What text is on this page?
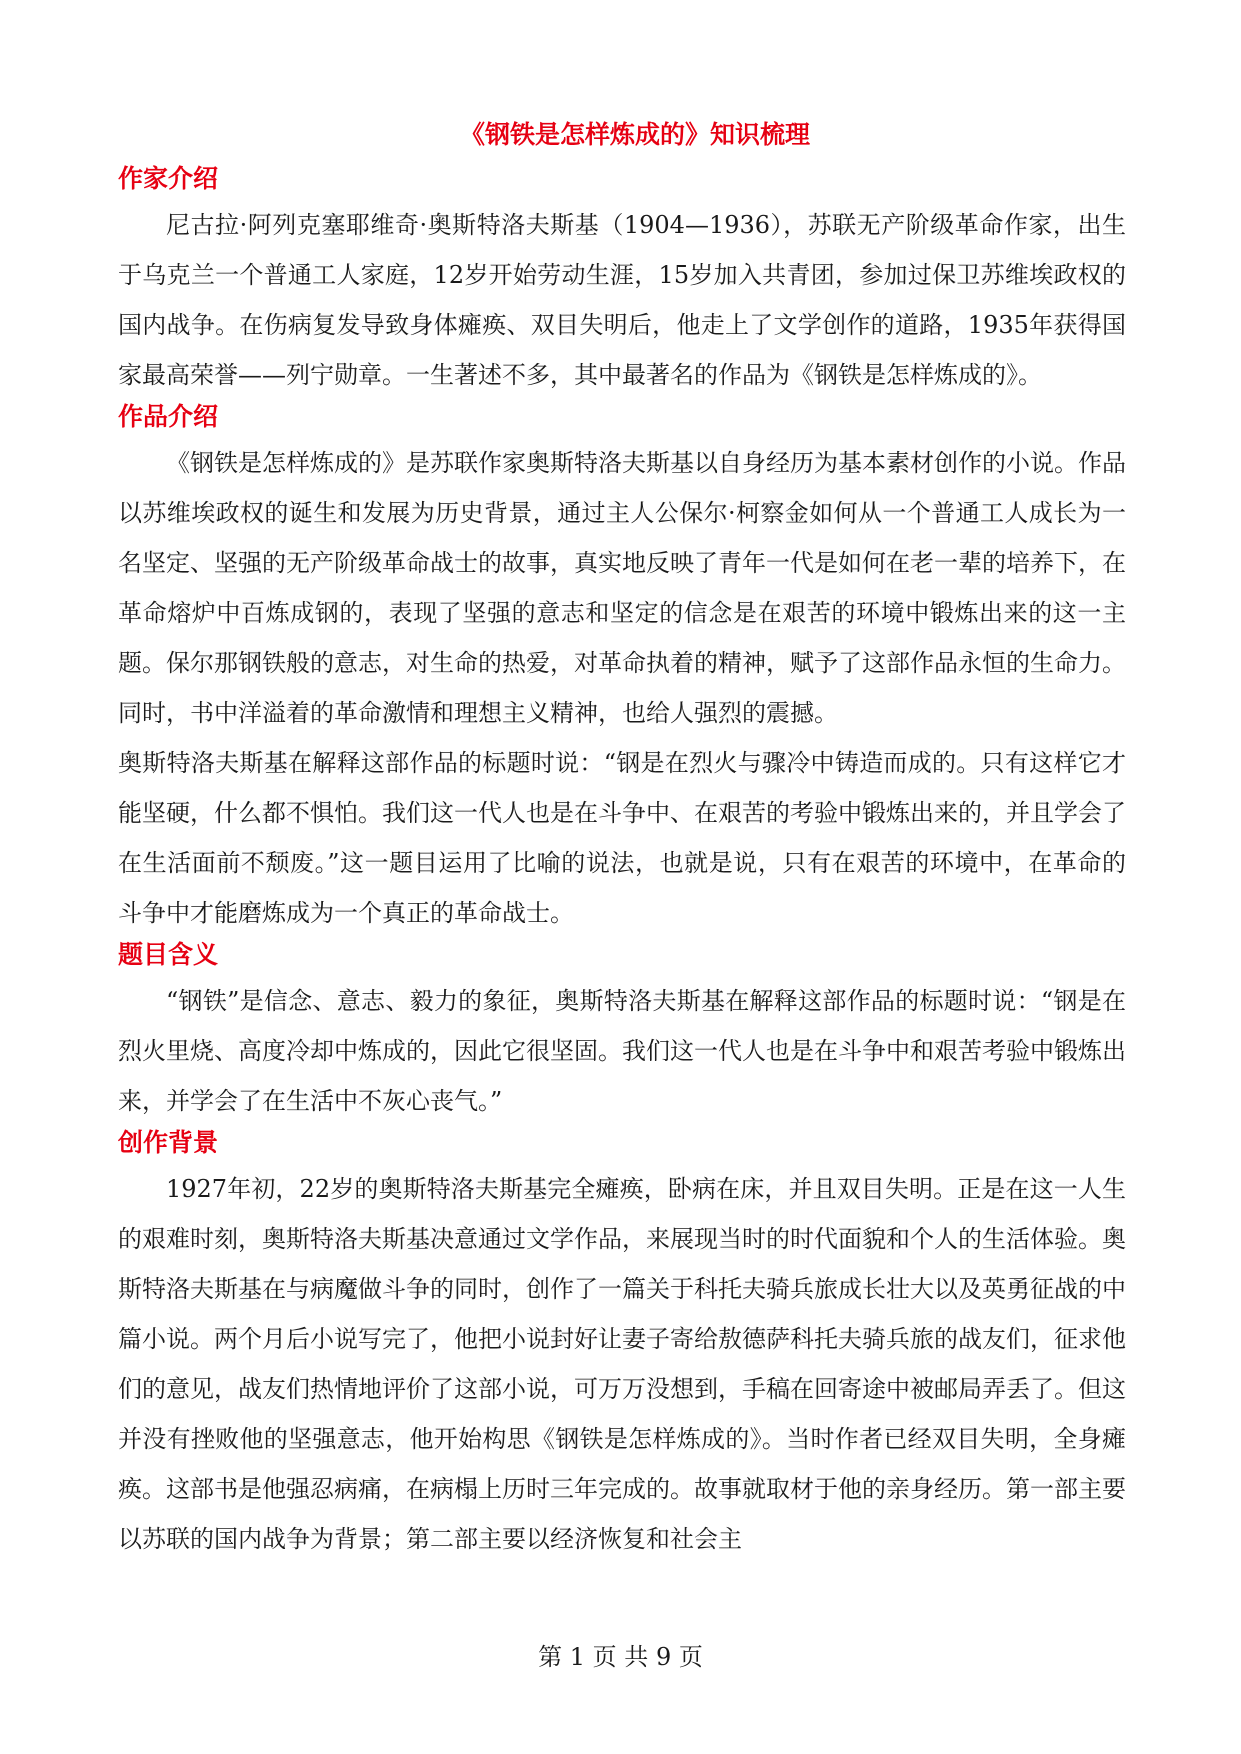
《钢铁是怎样炼成的》知识梳理
作家介绍

尼古拉·阿列克塞耶维奇·奥斯特洛夫斯基（1904—1936），苏联无产阶级革命作家，出生于乌克兰一个普通工人家庭，12岁开始劳动生涯，15岁加入共青团，参加过保卫苏维埃政权的国内战争。在伤病复发导致身体瘫痪、双目失明后，他走上了文学创作的道路，1935年获得国家最高荣誉——列宁勋章。一生著述不多，其中最著名的作品为《钢铁是怎样炼成的》。

作品介绍

《钢铁是怎样炼成的》是苏联作家奥斯特洛夫斯基以自身经历为基本素材创作的小说。作品以苏维埃政权的诞生和发展为历史背景，通过主人公保尔·柯察金如何从一个普通工人成长为一名坚定、坚强的无产阶级革命战士的故事，真实地反映了青年一代是如何在老一辈的培养下，在革命熔炉中百炼成钢的，表现了坚强的意志和坚定的信念是在艰苦的环境中锻炼出来的这一主题。保尔那钢铁般的意志，对生命的热爱，对革命执着的精神，赋予了这部作品永恒的生命力。同时，书中洋溢着的革命激情和理想主义精神，也给人强烈的震撼。

奥斯特洛夫斯基在解释这部作品的标题时说：“钢是在烈火与骤冷中铸造而成的。只有这样它才能坚硬，什么都不惧怕。我们这一代人也是在斗争中、在艰苦的考验中锻炼出来的，并且学会了在生活面前不颓废。”这一题目运用了比喻的说法，也就是说，只有在艰苦的环境中，在革命的斗争中才能磨炼成为一个真正的革命战士。

题目含义

“钢铁”是信念、意志、毅力的象征，奥斯特洛夫斯基在解释这部作品的标题时说：“钢是在烈火里烧、高度冷却中炼成的，因此它很坚固。我们这一代人也是在斗争中和艰苦考验中锻炼出来，并学会了在生活中不灰心丧气。”

创作背景

1927年初，22岁的奥斯特洛夫斯基完全瘫痪，卧病在床，并且双目失明。正是在这一人生的艰难时刻，奥斯特洛夫斯基决意通过文学作品，来展现当时的时代面貌和个人的生活体验。奥斯特洛夫斯基在与病魔做斗争的同时，创作了一篇关于科托夫骑兵旅成长壮大以及英勇征战的中篇小说。两个月后小说写完了，他把小说封好让妻子寄给敖德萨科托夫骑兵旅的战友们，征求他们的意见，战友们热情地评价了这部小说，可万万没想到，手稿在回寄途中被邮局弄丢了。但这并没有挫败他的坚强意志，他开始构思《钢铁是怎样炼成的》。当时作者已经双目失明，全身瘫痪。这部书是他强忍病痛，在病榻上历时三年完成的。故事就取材于他的亲身经历。第一部主要以苏联的国内战争为背景；第二部主要以经济恢复和社会主

第 1 页 共 9 页
